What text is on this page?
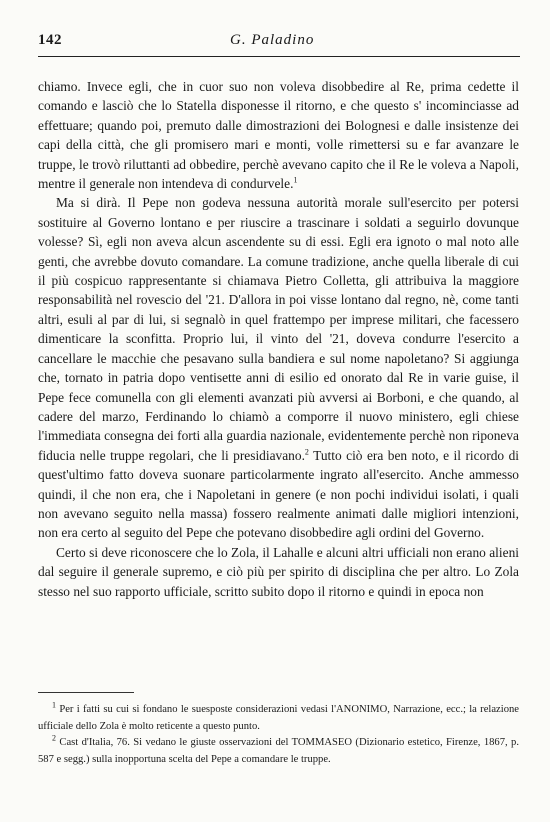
142	G. Paladino

chiamo. Invece egli, che in cuor suo non voleva disobbedire al Re, prima cedette il comando e lasciò che lo Statella disponesse il ritorno, e che questo s' incominciasse ad effettuare; quando poi, premuto dalle dimostrazioni dei Bolognesi e dalle insistenze dei capi della città, che gli promisero mari e monti, volle rimettersi su e far avanzare le truppe, le trovò riluttanti ad obbedire, perchè avevano capito che il Re le voleva a Napoli, mentre il generale non intendeva di condurvele.$^1$

Ma si dirà. Il Pepe non godeva nessuna autorità morale sull'esercito per potersi sostituire al Governo lontano e per riuscire a trascinare i soldati a seguirlo dovunque volesse? Sì, egli non aveva alcun ascendente su di essi. Egli era ignoto o mal noto alle genti, che avrebbe dovuto comandare. La comune tradizione, anche quella liberale di cui il più cospicuo rappresentante si chiamava Pietro Colletta, gli attribuiva la maggiore responsabilità nel rovescio del '21. D'allora in poi visse lontano dal regno, nè, come tanti altri, esuli al par di lui, si segnalò in quel frattempo per imprese militari, che facessero dimenticare la sconfitta. Proprio lui, il vinto del '21, doveva condurre l'esercito a cancellare le macchie che pesavano sulla bandiera e sul nome napoletano? Si aggiunga che, tornato in patria dopo ventisette anni di esilio ed onorato dal Re in varie guise, il Pepe fece comunella con gli elementi avanzati più avversi ai Borboni, e che quando, al cadere del marzo, Ferdinando lo chiamò a comporre il nuovo ministero, egli chiese l'immediata consegna dei forti alla guardia nazionale, evidentemente perchè non riponeva fiducia nelle truppe regolari, che li presidiavano.$^2$ Tutto ciò era ben noto, e il ricordo di quest'ultimo fatto doveva suonare particolarmente ingrato all'esercito. Anche ammesso quindi, il che non era, che i Napoletani in genere (e non pochi individui isolati, i quali non avevano seguito nella massa) fossero realmente animati dalle migliori intenzioni, non era certo al seguito del Pepe che potevano disobbedire agli ordini del Governo.

Certo si deve riconoscere che lo Zola, il Lahalle e alcuni altri ufficiali non erano alieni dal seguire il generale supremo, e ciò più per spirito di disciplina che per altro. Lo Zola stesso nel suo rapporto ufficiale, scritto subito dopo il ritorno e quindi in epoca non

$^1$ Per i fatti su cui si fondano le suesposte considerazioni vedasi l'ANONIMO, Narrazione, ecc.; la relazione ufficiale dello Zola è molto reticente a questo punto.

$^2$ Cast d'Italia, 76. Si vedano le giuste osservazioni del TOMMASEO (Dizionario estetico, Firenze, 1867, p. 587 e segg.) sulla inopportuna scelta del Pepe a comandare le truppe.
